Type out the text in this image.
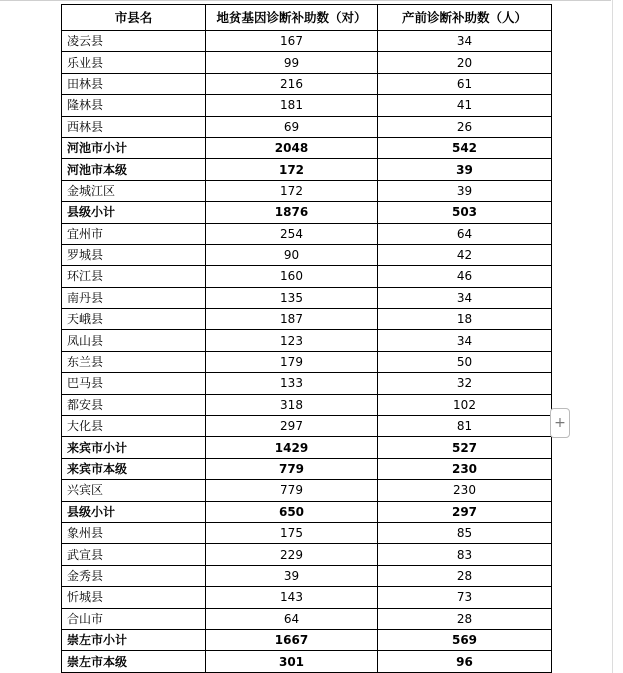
市县名	地贫基因诊断补助数（对）	产前诊断补助数（人）
凌云县	167	34
乐业县	99	20
田林县	216	61
隆林县	181	41
西林县	69	26
河池市小计	2048	542
河池市本级	172	39
金城江区	172	39
县级小计	1876	503
宜州市	254	64
罗城县	90	42
环江县	160	46
南丹县	135	34
天峨县	187	18
凤山县	123	34
东兰县	179	50
巴马县	133	32
都安县	318	102
大化县	297	81
来宾市小计	1429	527
来宾市本级	779	230
兴宾区	779	230
县级小计	650	297
象州县	175	85
武宣县	229	83
金秀县	39	28
忻城县	143	73
合山市	64	28
崇左市小计	1667	569
崇左市本级	301	96
+
